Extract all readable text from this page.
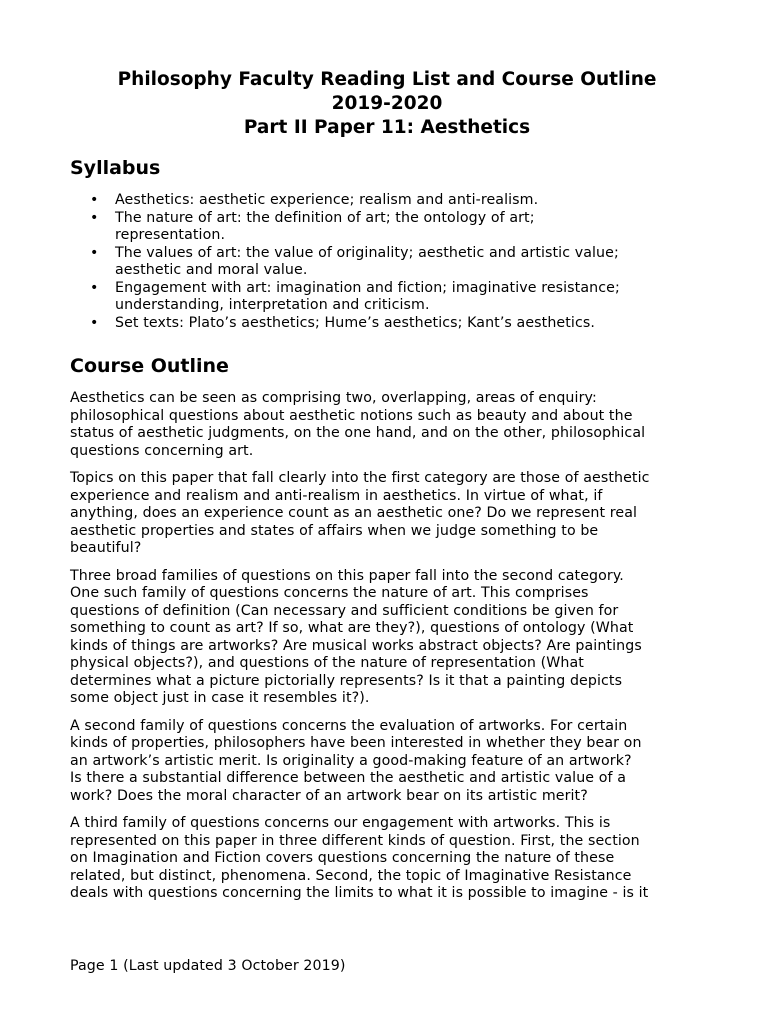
Philosophy Faculty Reading List and Course Outline
2019-2020
Part II Paper 11: Aesthetics
Syllabus
• Aesthetics: aesthetic experience; realism and anti-realism.
• The nature of art: the definition of art; the ontology of art;
representation.
• The values of art: the value of originality; aesthetic and artistic value;
aesthetic and moral value.
• Engagement with art: imagination and fiction; imaginative resistance;
understanding, interpretation and criticism.
• Set texts: Plato’s aesthetics; Hume’s aesthetics; Kant’s aesthetics.
Course Outline

Aesthetics can be seen as comprising two, overlapping, areas of enquiry:
philosophical questions about aesthetic notions such as beauty and about the
status of aesthetic judgments, on the one hand, and on the other, philosophical
questions concerning art.

Topics on this paper that fall clearly into the first category are those of aesthetic
experience and realism and anti-realism in aesthetics. In virtue of what, if
anything, does an experience count as an aesthetic one? Do we represent real
aesthetic properties and states of affairs when we judge something to be
beautiful?

Three broad families of questions on this paper fall into the second category.
One such family of questions concerns the nature of art. This comprises
questions of definition (Can necessary and sufficient conditions be given for
something to count as art? If so, what are they?), questions of ontology (What
kinds of things are artworks? Are musical works abstract objects? Are paintings
physical objects?), and questions of the nature of representation (What
determines what a picture pictorially represents? Is it that a painting depicts
some object just in case it resembles it?).

A second family of questions concerns the evaluation of artworks. For certain
kinds of properties, philosophers have been interested in whether they bear on
an artwork’s artistic merit. Is originality a good-making feature of an artwork?
Is there a substantial difference between the aesthetic and artistic value of a
work? Does the moral character of an artwork bear on its artistic merit?

A third family of questions concerns our engagement with artworks. This is
represented on this paper in three different kinds of question. First, the section
on Imagination and Fiction covers questions concerning the nature of these
related, but distinct, phenomena. Second, the topic of Imaginative Resistance
deals with questions concerning the limits to what it is possible to imagine - is it

Page 1 (Last updated 3 October 2019)
